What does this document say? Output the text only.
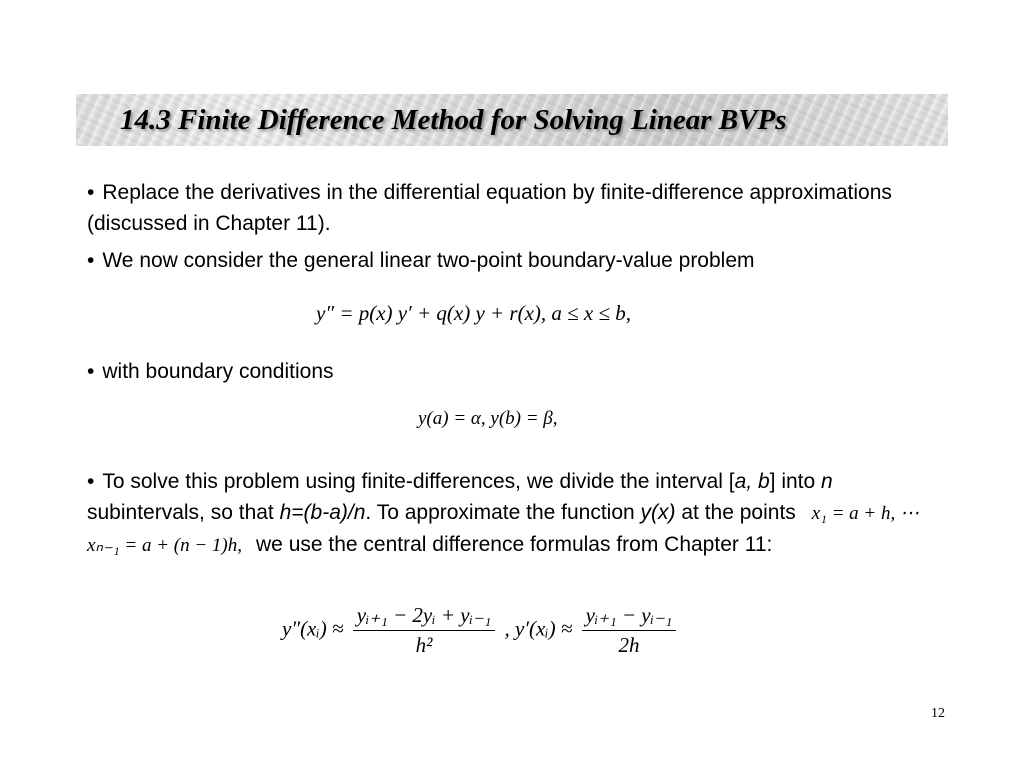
14.3 Finite Difference Method for Solving Linear BVPs

• Replace the derivatives in the differential equation by finite-difference approximations (discussed in Chapter 11).

• We now consider the general linear two-point boundary-value problem

y″ = p(x) y′ + q(x) y + r(x), a ≤ x ≤ b,

• with boundary conditions

y(a) = α, y(b) = β,

• To solve this problem using finite-differences, we divide the interval [a, b] into n subintervals, so that h=(b-a)/n. To approximate the function y(x) at the points x₁ = a + h, ⋯ xₙ₋₁ = a + (n − 1)h, we use the central difference formulas from Chapter 11:

y″(xᵢ) ≈ $\frac{\text{yᵢ₊₁ − 2yᵢ + yᵢ₋₁}}{\text{h²}}$ , y′(xᵢ) ≈ $\frac{\text{yᵢ₊₁ − yᵢ₋₁}}{2h}$
12
